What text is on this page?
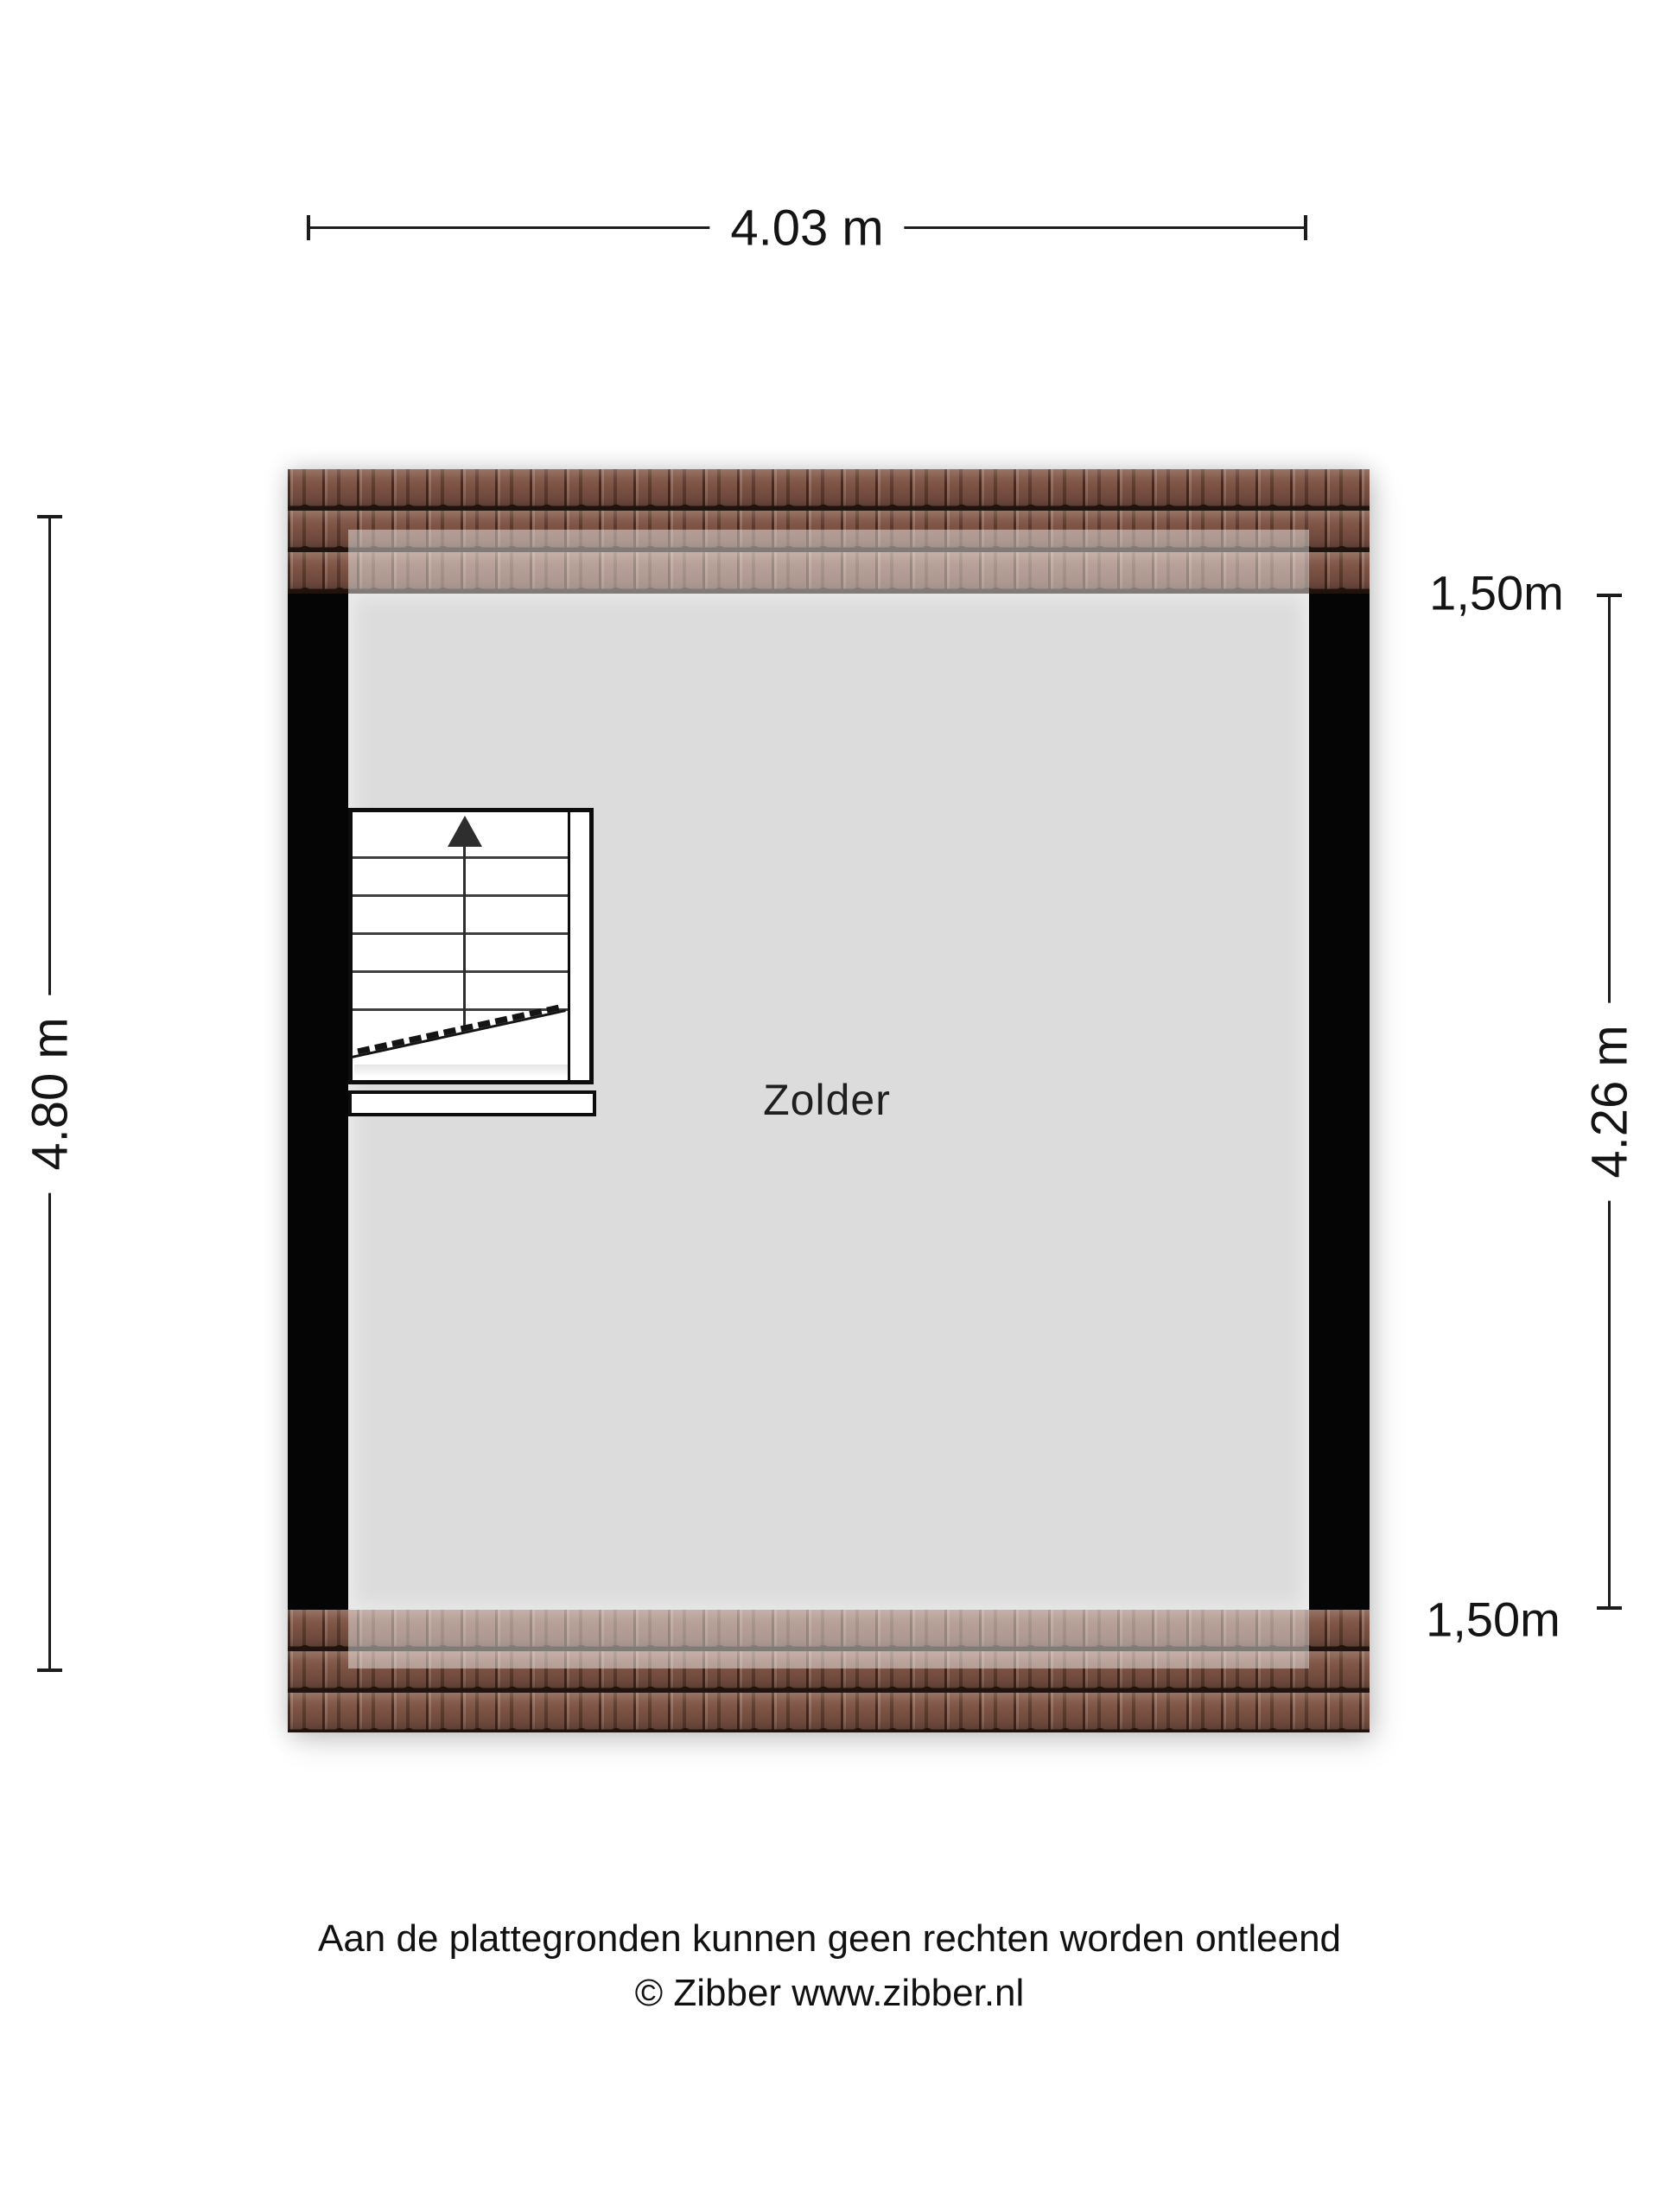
4.03 m
4.80 m	4.26 m
1,50m
1,50m
Zolder
Aan de plattegronden kunnen geen rechten worden ontleend
© Zibber www.zibber.nl
